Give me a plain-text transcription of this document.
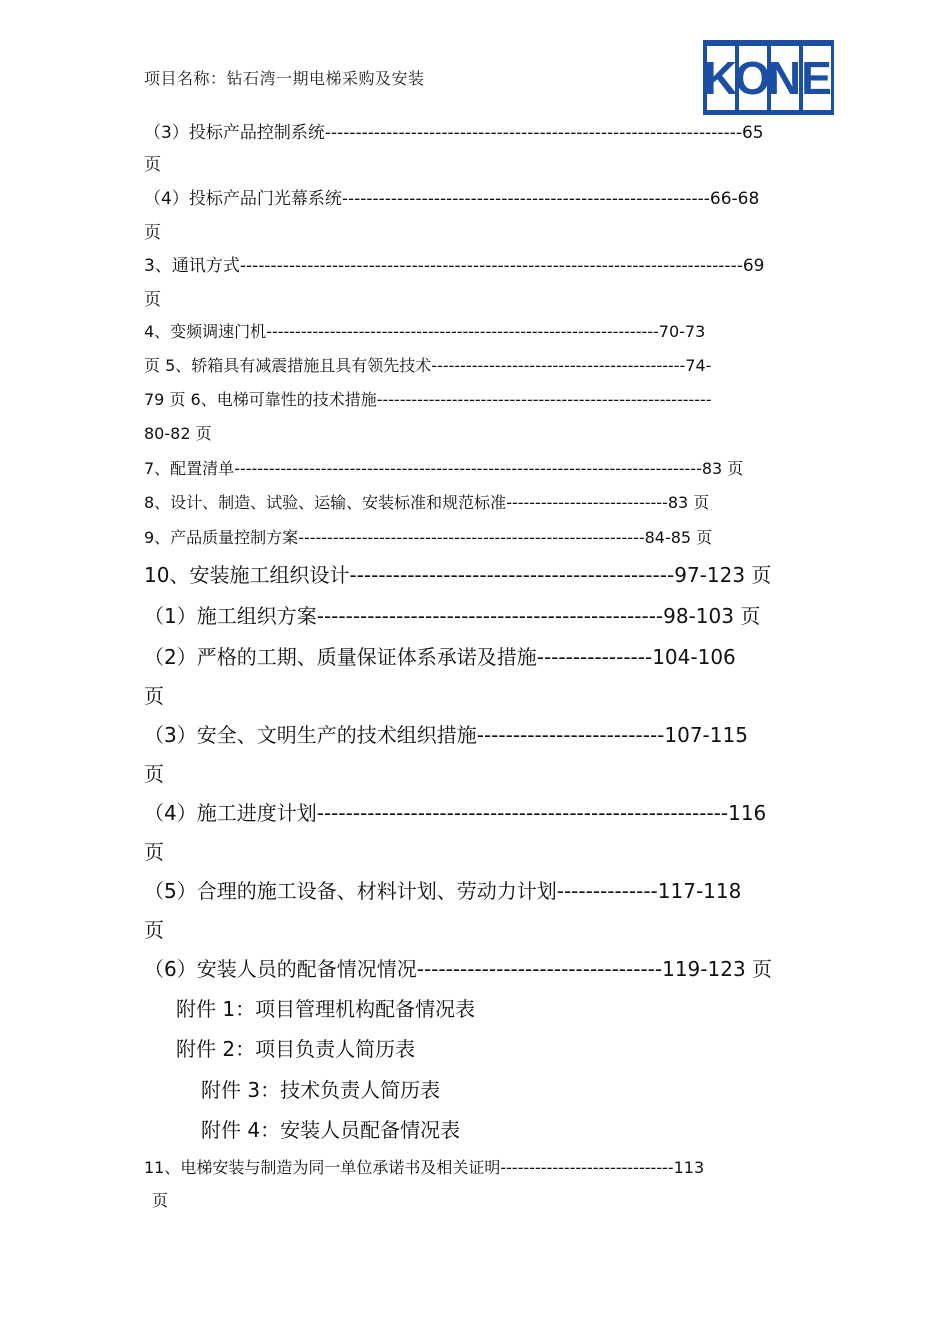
项目名称：钻石湾一期电梯采购及安装	K
O
N E
（3）投标产品控制系统--------------------------------------------------------------------65
页
（4）投标产品门光幕系统------------------------------------------------------------66-68
页
3、通讯方式----------------------------------------------------------------------------------69
页
4、变频调速门机--------------------------------------------------------------------70-73
页 5、轿箱具有减震措施且具有领先技术--------------------------------------------74-
79 页 6、电梯可靠性的技术措施----------------------------------------------------------
80-82 页
7、配置清单---------------------------------------------------------------------------------83 页
8、设计、制造、试验、运输、安装标准和规范标准----------------------------83 页
9、产品质量控制方案------------------------------------------------------------84-85 页
10、安装施工组织设计---------------------------------------------97-123 页
（1）施工组织方案------------------------------------------------98-103 页
（2）严格的工期、质量保证体系承诺及措施----------------104-106
页
（3）安全、文明生产的技术组织措施--------------------------107-115
页
（4）施工进度计划---------------------------------------------------------116
页
（5）合理的施工设备、材料计划、劳动力计划--------------117-118
页
（6）安装人员的配备情况情况----------------------------------119-123 页
附件 1：项目管理机构配备情况表
附件 2：项目负责人简历表
附件 3：技术负责人简历表
附件 4：安装人员配备情况表
11、电梯安装与制造为同一单位承诺书及相关证明------------------------------113
页
